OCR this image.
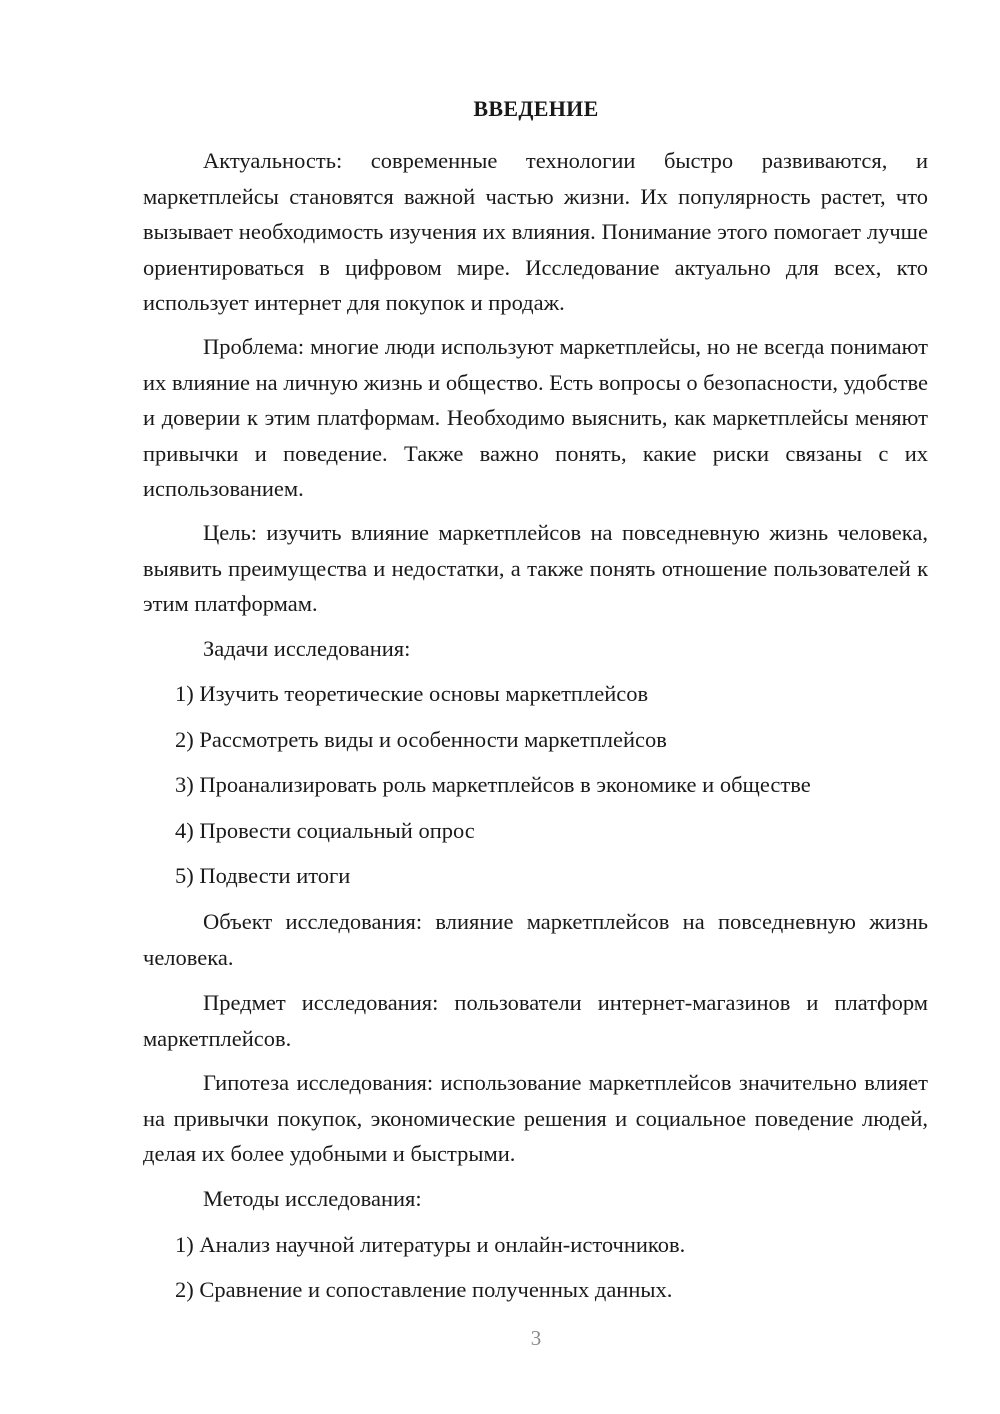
ВВЕДЕНИЕ

Актуальность: современные технологии быстро развиваются, и маркетплейсы становятся важной частью жизни. Их популярность растет, что вызывает необходимость изучения их влияния. Понимание этого помогает лучше ориентироваться в цифровом мире. Исследование актуально для всех, кто использует интернет для покупок и продаж.

Проблема: многие люди используют маркетплейсы, но не всегда понимают их влияние на личную жизнь и общество. Есть вопросы о безопасности, удобстве и доверии к этим платформам. Необходимо выяснить, как маркетплейсы меняют привычки и поведение. Также важно понять, какие риски связаны с их использованием.

Цель: изучить влияние маркетплейсов на повседневную жизнь человека, выявить преимущества и недостатки, а также понять отношение пользователей к этим платформам.

Задачи исследования:

1) Изучить теоретические основы маркетплейсов

2) Рассмотреть виды и особенности маркетплейсов

3) Проанализировать роль маркетплейсов в экономике и обществе

4) Провести социальный опрос

5) Подвести итоги

Объект исследования: влияние маркетплейсов на повседневную жизнь человека.

Предмет исследования: пользователи интернет-магазинов и платформ маркетплейсов.

Гипотеза исследования: использование маркетплейсов значительно влияет на привычки покупок, экономические решения и социальное поведение людей, делая их более удобными и быстрыми.

Методы исследования:

1) Анализ научной литературы и онлайн-источников.

2) Сравнение и сопоставление полученных данных.

3
